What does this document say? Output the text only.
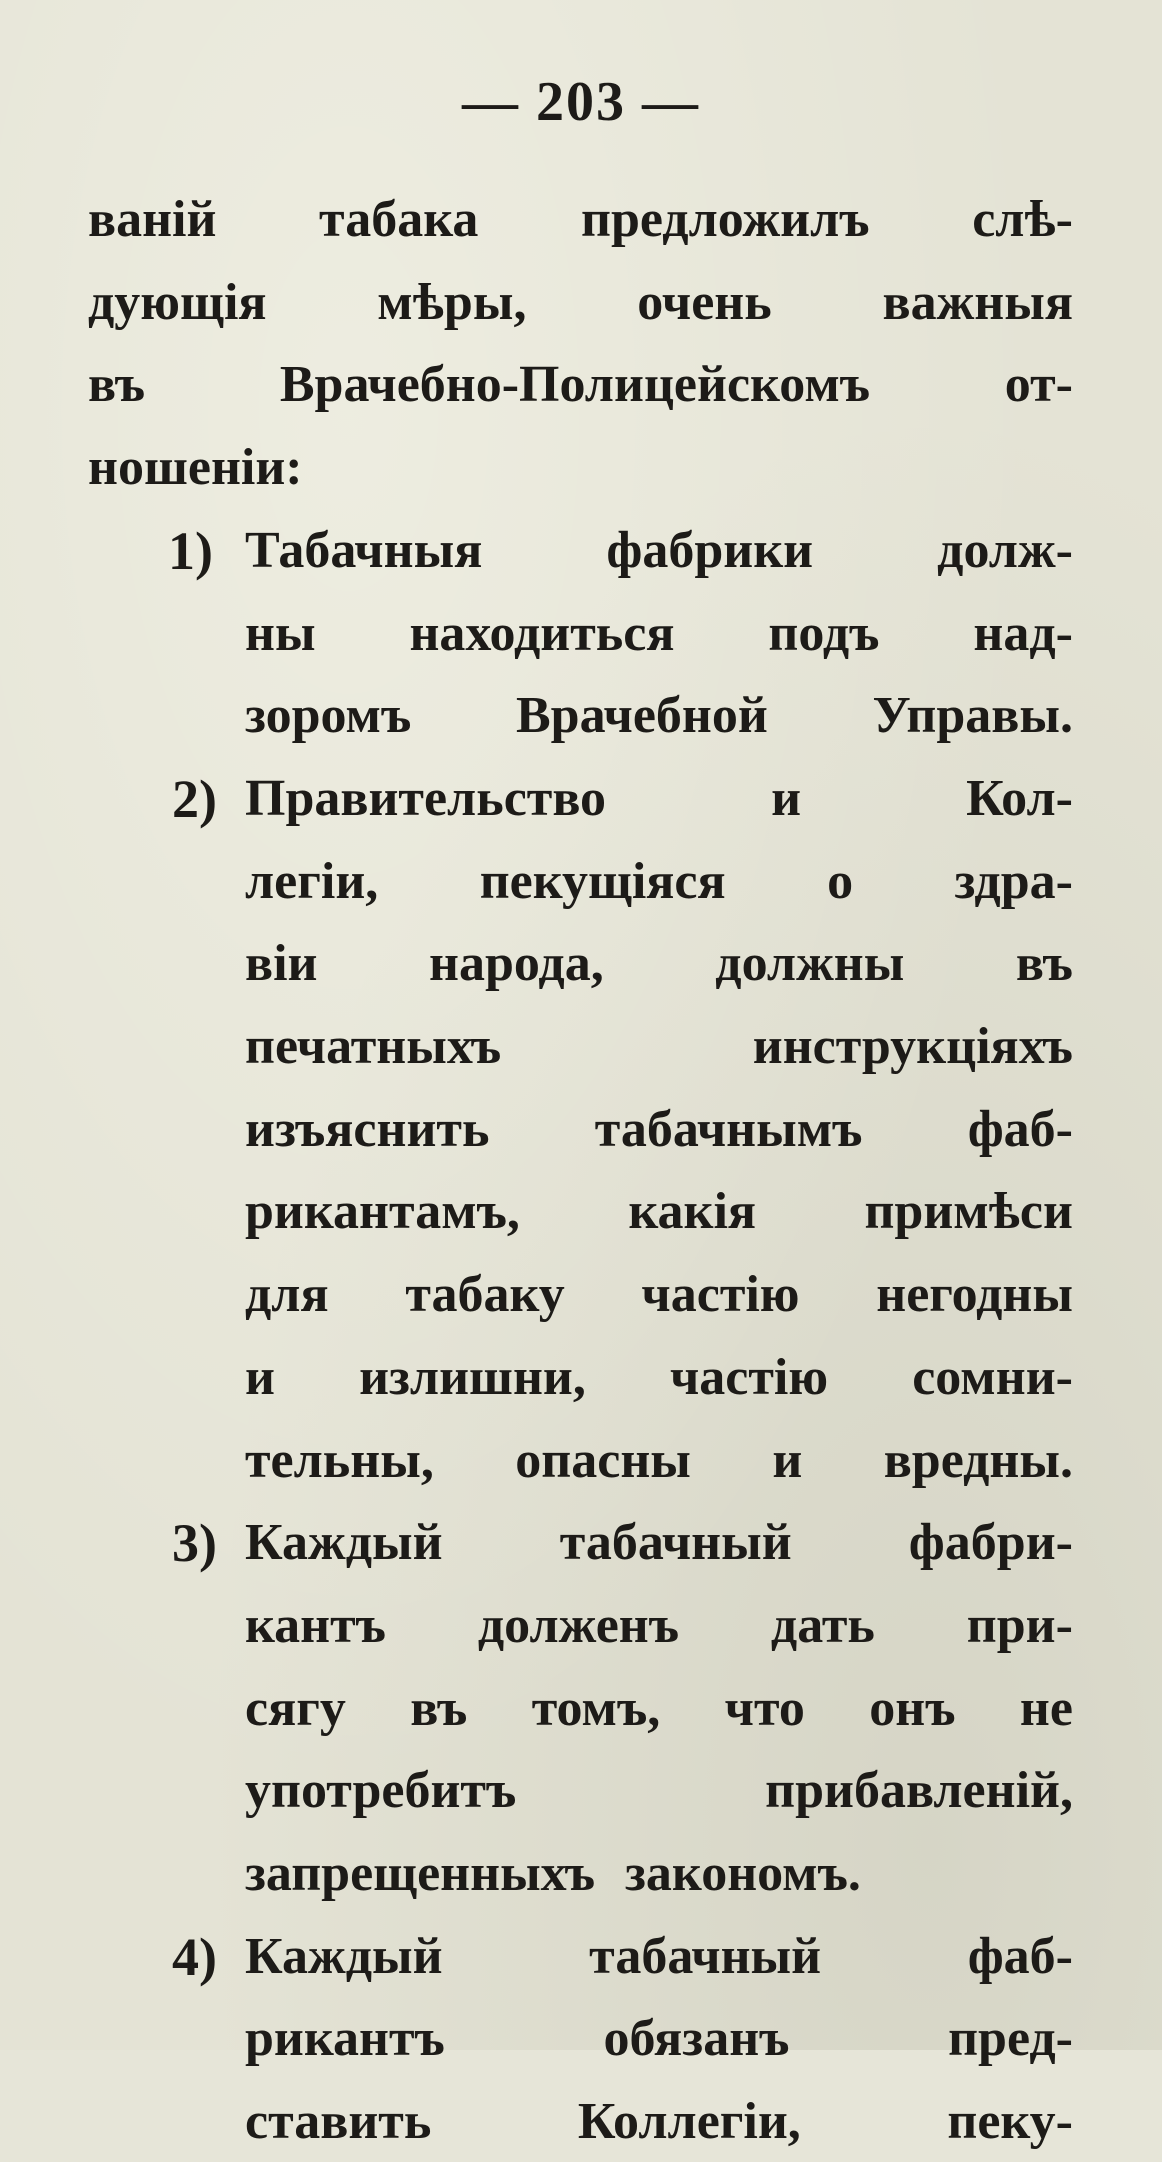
— 203 —
ваній табака предложилъ слѣ-
дующія мѣры, очень важныя
въ	Врачебно-Полицейскомъ	от-
ношеніи:
1) Табачныя фабрики долж-
ны находиться подъ над-
зоромъ Врачебной Управы.
2) Правительство	и	Кол-
легіи, пекущіяся о здра-
віи народа, должны въ
печатныхъ	инструкціяхъ
изъяснить табачнымъ фаб-
рикантамъ, какія примѣси
для табаку частію негодны
и излишни, частію сомни-
тельны, опасны и вредны.
3) Каждый табачный фабри-
кантъ долженъ дать при-
сягу въ томъ, что онъ не
употребитъ	прибавленій,
запрещенныхъ закономъ.
4) Каждый	табачный	фаб-
рикантъ	обязанъ	пред-
ставить	Коллегіи,	пеку-
